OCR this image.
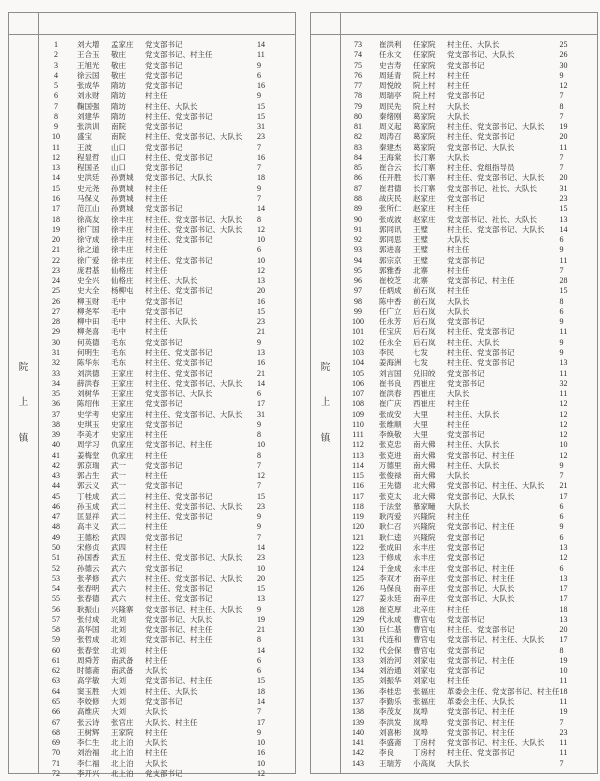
院
上
镇
1	刘大增	孟家庄	党支部书记	14
2	王合玉	敬庄	党支部书记、村主任	11
3	王旭光	敬庄	党支部书记	9
4	徐云国	敬庄	党支部书记	6
5	张成华	隋坊	党支部书记	16
6	刘永财	隋坊	村主任	9
7	鞠国强	隋坊	村主任、大队长	15
8	刘建华	隋坊	村主任、党支部书记	15
9	张洪训	南院	党支部书记	31
10	盛宝	南院	村主任、党支部书记、大队长	23
11	王波	山口	党支部书记	7
12	程显哲	山口	村主任、党支部书记	16
13	程国圣	山口	党支部书记	7
14	史洪廷	孙贾城	党支部书记、大队长	18
15	史元尧	孙贾城	村主任	9
16	马保义	孙贾城	村主任	7
17	范江山	孙贾城	党支部书记	14
18	徐高友	徐丰庄	村主任、党支部书记、大队长	8
19	徐广国	徐丰庄	村主任、党支部书记、大队长	12
20	徐守成	徐丰庄	村主任、党支部书记	10
21	徐之道	徐丰庄	村主任	6
22	徐广爱	徐丰庄	村主任、党支部书记	10
23	庞君基	仙格庄	村主任	12
24	史全兴	仙格庄	村主任、大队长	13
25	史大全	杨柳屯	村主任、党支部书记	20
26	柳玉财	毛中	党支部书记	16
27	柳尧军	毛中	党支部书记	15
28	柳中田	毛中	村主任、大队长	23
29	柳尧喜	毛中	村主任	21
30	何英德	毛东	党支部书记	9
31	何明生	毛东	村主任、党支部书记	13
32	陈华东	毛东	村主任、党支部书记	16
33	刘洪德	王家庄	村主任、党支部书记	21
34	薛洪春	王家庄	村主任、党支部书记、大队长	14
35	刘树华	王家庄	党支部书记、大队长	6
36	陈绍伟	王家庄	党支部书记	17
37	史学考	史家庄	村主任、党支部书记、大队长	31
38	史琪玉	史家庄	党支部书记	9
39	李美才	史家庄	村主任	8
40	周学习	仇家庄	党支部书记、村主任	10
41	姜梅堂	仇家庄	村主任	8
42	郭京瑞	武一	党支部书记	7
43	郭占生	武一	村主任	12
44	郭云义	武一	党支部书记	7
45	丁桂成	武二	村主任、党支部书记	15
46	孙玉成	武二	村主任、党支部书记、大队长	23
47	匡显祥	武二	村主任、党支部书记	9
48	高丰义	武二	村主任	9
49	王德松	武四	党支部书记	7
50	宋修贞	武四	村主任	14
51	孙国香	武五	村主任、党支部书记、大队长	23
52	孙德云	武六	党支部书记	10
53	张孝修	武六	村主任、党支部书记、大队长	20
54	张春明	武六	村主任、党支部书记	15
55	张春德	武六	村主任、党支部书记	13
56	耿振山	兴隆寨	党支部书记、村主任、大队长	9
57	张付成	北刘	党支部书记、大队长	19
58	高华国	北刘	党支部书记、村主任	21
59	张哲成	北刘	党支部书记、村主任	8
60	张春堂	北刘	村主任	14
61	周舜芳	南武备	村主任	6
62	时德斋	南武备	大队长	6
63	高学敏	大刘	党支部书记、村主任	15
64	窦玉胜	大刘	村主任、大队长	18
65	李姣修	大刘	党支部书记	14
66	高维庆	大刘	大队长	7
67	张云诗	张官庄	大队长、村主任	17
68	王树辉	王家院	村主任	9
69	李仁生	北上泊	大队长	10
70	刘治福	北上泊	村主任	16
71	李仁福	北上泊	大队长	10
72	李开兴	北上泊	党支部书记	12
院
上
镇
73	崔洪利	任家院	村主任、大队长	25
74	任永文	任家院	党支部书记、大队长	26
75	史吉寿	任家院	党支部书记	30
76	周延青	院上村	村主任	9
77	周悦皎	院上村	村主任	12
78	周瑞亭	院上村	党支部书记	7
79	周民先	院上村	大队长	8
80	秦绪刚	葛家院	大队长	7
81	周义起	葛家院	村主任、党支部书记、大队长	19
82	周涛召	葛家院	村主任、党支部书记	20
83	秦建杰	葛家院	党支部书记、大队长	11
84	王海棠	长汀寨	大队长	7
85	崔合云	长汀寨	村主任、党组指导员	7
86	任开胜	长汀寨	村主任、党支部书记、大队长	20
87	崔君德	长汀寨	党支部书记、社长、大队长	31
88	战庆民	赵家庄	党支部书记	23
89	张所仁	赵家庄	村主任	15
90	张成波	赵家庄	党支部书记、社长、大队长	13
91	郭同讯	王璧	村主任、党支部书记、大队长	14
92	郭同思	王璧	大队长	6
93	郭进喜	王璧	村主任	9
94	郭宗京	王璧	党支部书记	11
95	郭雅香	北寨	村主任	7
96	崔校芝	北寨	党支部书记、村主任	28
97	任炳成	前石岚	村主任	15
98	陈中香	前石岚	大队长	8
99	任广立	后石岚	大队长	6
100	任永芳	后石岚	党支部书记	9
101	任宝庆	后石岚	村主任、党支部书记	11
102	任永全	后石岚	村主任、大队长	9
103	李民	七发	村主任、党支部书记	9
104	姜海洲	七发	村主任、党支部书记	13
105	刘言国	兑旧皎	党支部书记	11
106	崔书良	西崔庄	党支部书记	32
107	崔洪春	西崔庄	大队长	11
108	崔广庆	西崔庄	村主任	12
109	张成安	大里	村主任、大队长	12
110	张维顺	大里	村主任	12
111	李焕敬	大里	党支部书记	12
112	张克忠	南大佛	村主任、大队长	10
113	张克进	南大佛	党支部书记、村主任	12
114	万德里	南大佛	村主任、大队长	9
115	张俊禄	南大佛	大队长	7
116	王先德	北大佛	党支部书记、村主任、大队长	21
117	张克太	北大佛	党支部书记、大队长	17
118	于法堂	慕家疃	大队长	6
119	耿丙爱	兴隆院	村主任	6
120	耿仁召	兴隆院	党支部书记、村主任	9
121	耿仁逵	兴隆院	党支部书记	6
122	张成田	永丰庄	党支部书记	13
123	于修成	永丰庄	党支部书记	12
124	于金成	永丰庄	党支部书记、村主任	6
125	李双才	南辛庄	党支部书记、村主任	13
126	马保良	南辛庄	党支部书记、大队长	17
127	姜永廷	南辛庄	党支部书记、大队长	17
128	崔克厚	北辛庄	村主任	18
129	代永成	曹官屯	党支部书记	13
130	巨仁基	曹官屯	村主任、党支部书记	20
131	代连和	曹官屯	党支部书记、村主任、大队长	17
132	代会保	曹官屯	党支部书记	8
133	刘治河	刘家屯	党支部书记、村主任	19
134	刘治通	刘家屯	党支部书记	10
135	刘振华	刘家屯	村主任	11
136	李桂忠	张福庄	革委会主任、党支部书记、村主任 18
137	李勤乐	张福庄	革委会主任、大队长	11
138	李茂友	岚埠	党支部书记、村主任	19
139	李洪发	岚埠	党支部书记、村主任	7
140	刘喜彬	岚埠	党支部书记、村主任	23
141	李盛斋	丁房村	党支部书记、村主任、大队长	11
142	李良	丁房村	村主任、党支部书记	11
143	王瑞芳	小高岚	大队长	7
